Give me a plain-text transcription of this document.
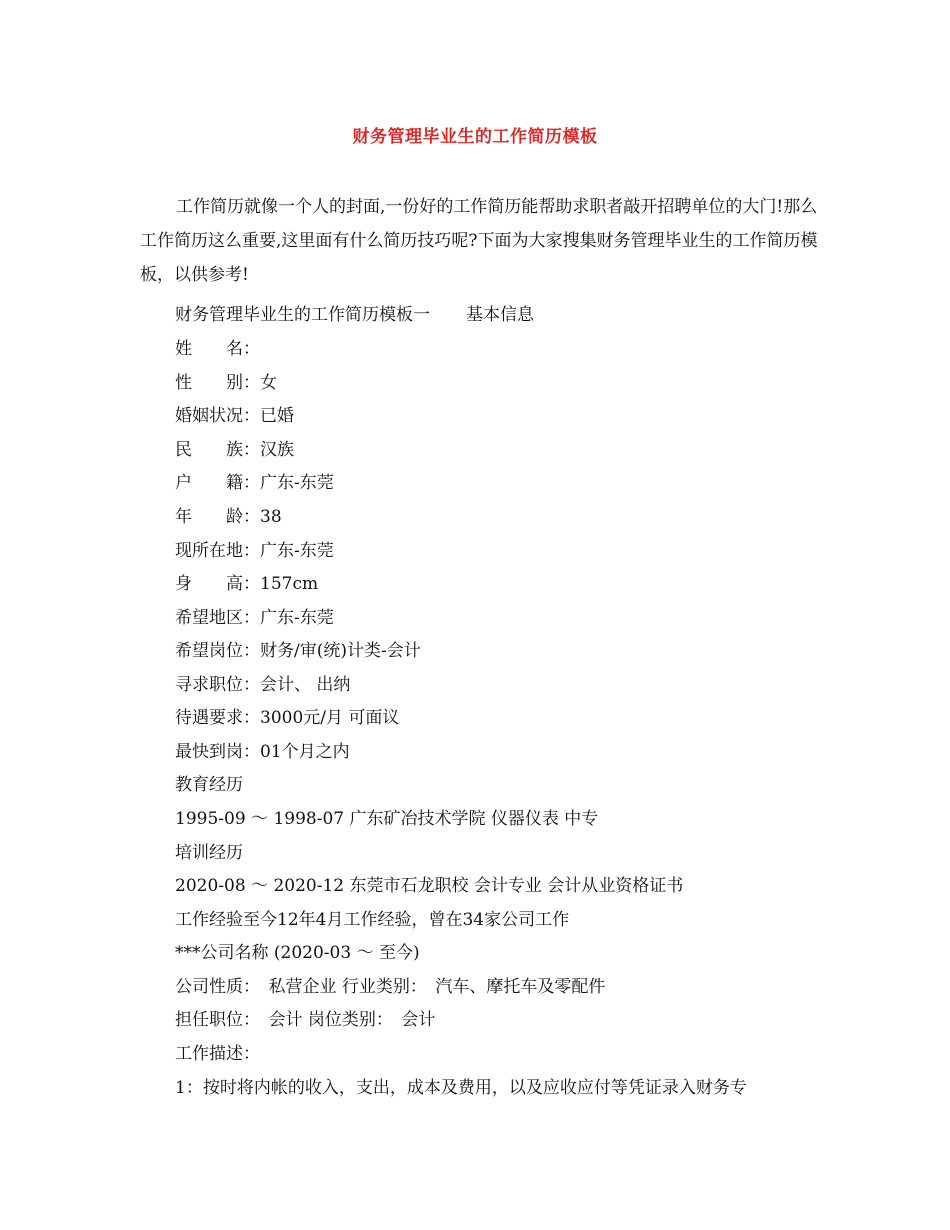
财务管理毕业生的工作简历模板
工作简历就像一个人的封面,一份好的工作简历能帮助求职者敲开招聘单位的大门!那么工作简历这么重要,这里面有什么简历技巧呢?下面为大家搜集财务管理毕业生的工作简历模板，以供参考!
财务管理毕业生的工作简历模板一 基本信息
姓　　名：
性　　别：女
婚姻状况：已婚
民　　族：汉族
户　　籍：广东-东莞
年　　龄：38
现所在地：广东-东莞
身　　高：157cm
希望地区：广东-东莞
希望岗位：财务/审(统)计类-会计
寻求职位：会计、 出纳
待遇要求：3000元/月 可面议
最快到岗：01个月之内
教育经历
1995-09 ～ 1998-07 广东矿冶技术学院 仪器仪表 中专
培训经历
2020-08 ～ 2020-12 东莞市石龙职校 会计专业 会计从业资格证书
工作经验至今12年4月工作经验，曾在34家公司工作
***公司名称 (2020-03 ～ 至今)
公司性质：　私营企业 行业类别：　汽车、摩托车及零配件
担任职位：　会计 岗位类别：　会计
工作描述：
1：按时将内帐的收入，支出，成本及费用，以及应收应付等凭证录入财务专
